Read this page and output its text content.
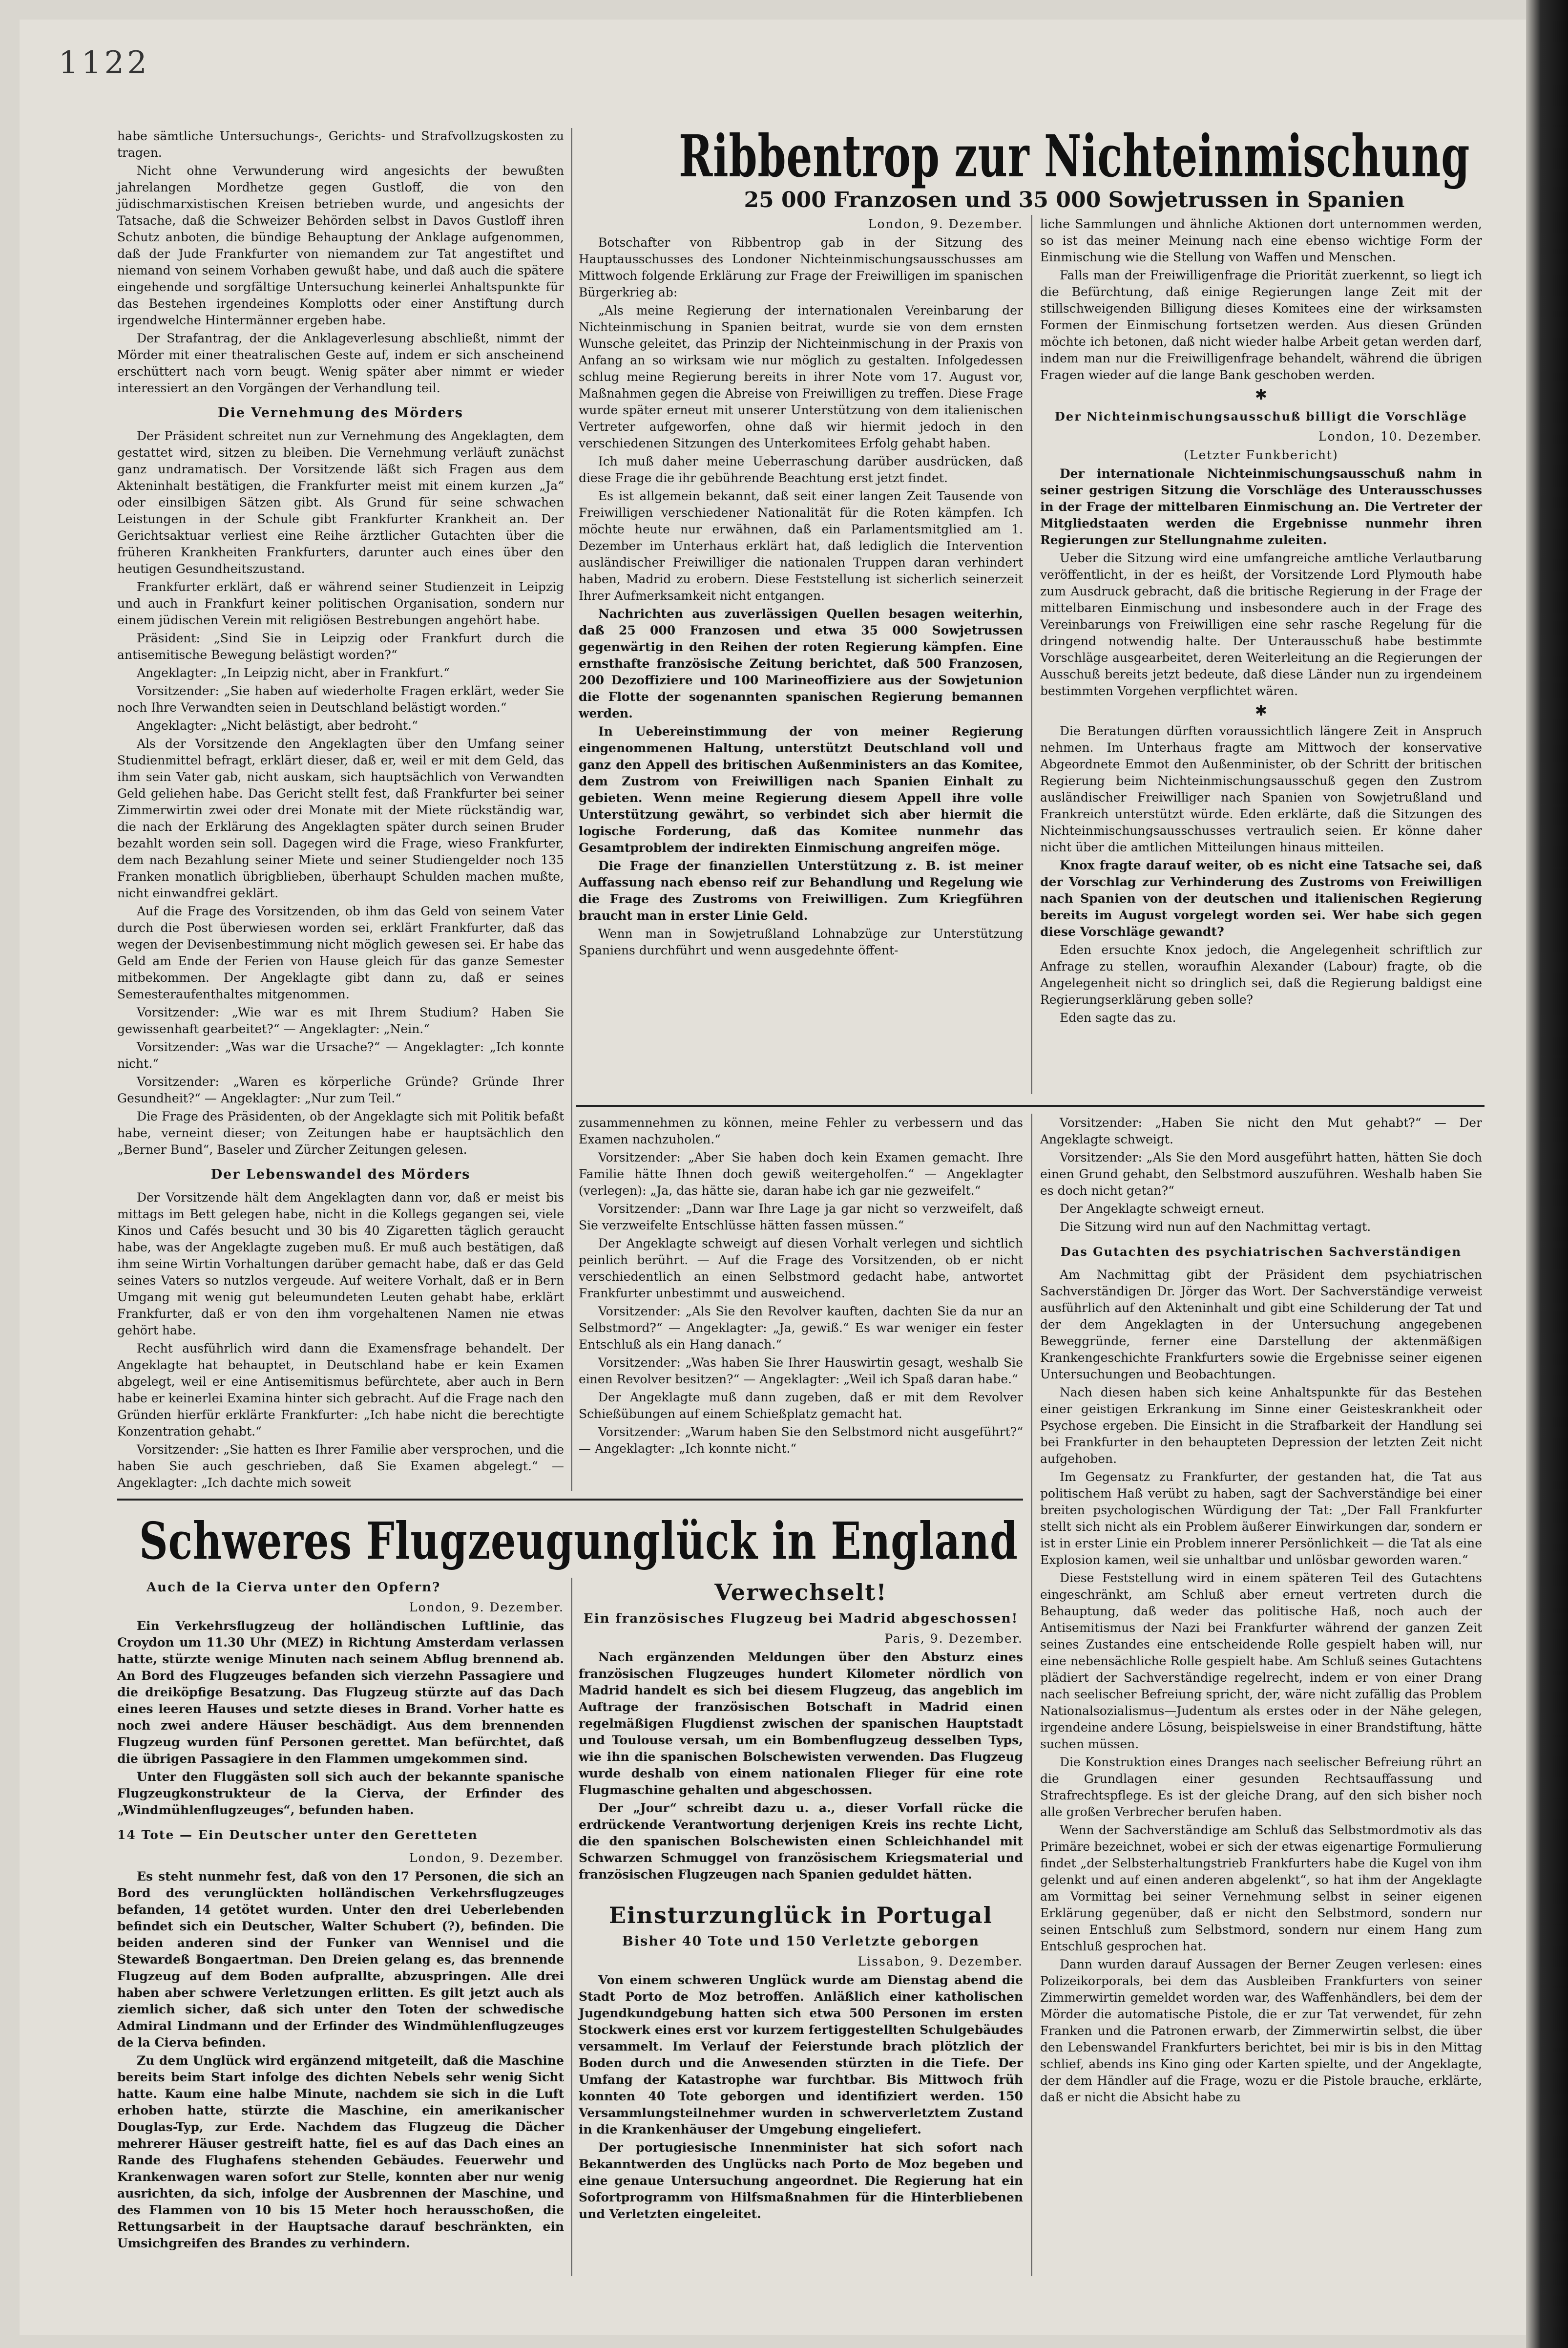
1122

habe sämtliche Untersuchungs-, Gerichts- und Strafvollzugskosten zu tragen.

Nicht ohne Verwunderung wird angesichts der bewußten jahrelangen Mordhetze gegen Gustloff, die von den jüdischmarxistischen Kreisen betrieben wurde, und angesichts der Tatsache, daß die Schweizer Behörden selbst in Davos Gustloff ihren Schutz anboten, die bündige Behauptung der Anklage aufgenommen, daß der Jude Frankfurter von niemandem zur Tat angestiftet und niemand von seinem Vorhaben gewußt habe, und daß auch die spätere eingehende und sorgfältige Untersuchung keinerlei Anhaltspunkte für das Bestehen irgendeines Komplotts oder einer Anstiftung durch irgendwelche Hintermänner ergeben habe.

Der Strafantrag, der die Anklageverlesung abschließt, nimmt der Mörder mit einer theatralischen Geste auf, indem er sich anscheinend erschüttert nach vorn beugt. Wenig später aber nimmt er wieder interessiert an den Vorgängen der Verhandlung teil.

Die Vernehmung des Mörders

Der Präsident schreitet nun zur Vernehmung des Angeklagten, dem gestattet wird, sitzen zu bleiben. Die Vernehmung verläuft zunächst ganz undramatisch. Der Vorsitzende läßt sich Fragen aus dem Akteninhalt bestätigen, die Frankfurter meist mit einem kurzen „Ja“ oder einsilbigen Sätzen gibt. Als Grund für seine schwachen Leistungen in der Schule gibt Frankfurter Krankheit an. Der Gerichtsaktuar verliest eine Reihe ärztlicher Gutachten über die früheren Krankheiten Frankfurters, darunter auch eines über den heutigen Gesundheitszustand.

Frankfurter erklärt, daß er während seiner Studienzeit in Leipzig und auch in Frankfurt keiner politischen Organisation, sondern nur einem jüdischen Verein mit religiösen Bestrebungen angehört habe.

Präsident: „Sind Sie in Leipzig oder Frankfurt durch die antisemitische Bewegung belästigt worden?“

Angeklagter: „In Leipzig nicht, aber in Frankfurt.“

Vorsitzender: „Sie haben auf wiederholte Fragen erklärt, weder Sie noch Ihre Verwandten seien in Deutschland belästigt worden.“

Angeklagter: „Nicht belästigt, aber bedroht.“

Als der Vorsitzende den Angeklagten über den Umfang seiner Studienmittel befragt, erklärt dieser, daß er, weil er mit dem Geld, das ihm sein Vater gab, nicht auskam, sich hauptsächlich von Verwandten Geld geliehen habe. Das Gericht stellt fest, daß Frankfurter bei seiner Zimmerwirtin zwei oder drei Monate mit der Miete rückständig war, die nach der Erklärung des Angeklagten später durch seinen Bruder bezahlt worden sein soll. Dagegen wird die Frage, wieso Frankfurter, dem nach Bezahlung seiner Miete und seiner Studiengelder noch 135 Franken monatlich übrigblieben, überhaupt Schulden machen mußte, nicht einwandfrei geklärt.

Auf die Frage des Vorsitzenden, ob ihm das Geld von seinem Vater durch die Post überwiesen worden sei, erklärt Frankfurter, daß das wegen der Devisenbestimmung nicht möglich gewesen sei. Er habe das Geld am Ende der Ferien von Hause gleich für das ganze Semester mitbekommen. Der Angeklagte gibt dann zu, daß er seines Semesteraufenthaltes mitgenommen.

Vorsitzender: „Wie war es mit Ihrem Studium? Haben Sie gewissenhaft gearbeitet?“ — Angeklagter: „Nein.“

Vorsitzender: „Was war die Ursache?“ — Angeklagter: „Ich konnte nicht.“

Vorsitzender: „Waren es körperliche Gründe? Gründe Ihrer Gesundheit?“ — Angeklagter: „Nur zum Teil.“

Die Frage des Präsidenten, ob der Angeklagte sich mit Politik befaßt habe, verneint dieser; von Zeitungen habe er hauptsächlich den „Berner Bund“, Baseler und Zürcher Zeitungen gelesen.

Der Lebenswandel des Mörders

Der Vorsitzende hält dem Angeklagten dann vor, daß er meist bis mittags im Bett gelegen habe, nicht in die Kollegs gegangen sei, viele Kinos und Cafés besucht und 30 bis 40 Zigaretten täglich geraucht habe, was der Angeklagte zugeben muß. Er muß auch bestätigen, daß ihm seine Wirtin Vorhaltungen darüber gemacht habe, daß er das Geld seines Vaters so nutzlos vergeude. Auf weitere Vorhalt, daß er in Bern Umgang mit wenig gut beleumundeten Leuten gehabt habe, erklärt Frankfurter, daß er von den ihm vorgehaltenen Namen nie etwas gehört habe.

Recht ausführlich wird dann die Examensfrage behandelt. Der Angeklagte hat behauptet, in Deutschland habe er kein Examen abgelegt, weil er eine Antisemitismus befürchtete, aber auch in Bern habe er keinerlei Examina hinter sich gebracht. Auf die Frage nach den Gründen hierfür erklärte Frankfurter: „Ich habe nicht die berechtigte Konzentration gehabt.“

Vorsitzender: „Sie hatten es Ihrer Familie aber versprochen, und die haben Sie auch geschrieben, daß Sie Examen abgelegt.“ — Angeklagter: „Ich dachte mich soweit

Ribbentrop zur Nichteinmischung
25 000 Franzosen und 35 000 Sowjetrussen in Spanien
London, 9. Dezember.

Botschafter von Ribbentrop gab in der Sitzung des Hauptausschusses des Londoner Nichteinmischungsausschusses am Mittwoch folgende Erklärung zur Frage der Freiwilligen im spanischen Bürgerkrieg ab:

„Als meine Regierung der internationalen Vereinbarung der Nichteinmischung in Spanien beitrat, wurde sie von dem ernsten Wunsche geleitet, das Prinzip der Nichteinmischung in der Praxis von Anfang an so wirksam wie nur möglich zu gestalten. Infolgedessen schlug meine Regierung bereits in ihrer Note vom 17. August vor, Maßnahmen gegen die Abreise von Freiwilligen zu treffen. Diese Frage wurde später erneut mit unserer Unterstützung von dem italienischen Vertreter aufgeworfen, ohne daß wir hiermit jedoch in den verschiedenen Sitzungen des Unterkomitees Erfolg gehabt haben.

Ich muß daher meine Ueberraschung darüber ausdrücken, daß diese Frage die ihr gebührende Beachtung erst jetzt findet.

Es ist allgemein bekannt, daß seit einer langen Zeit Tausende von Freiwilligen verschiedener Nationalität für die Roten kämpfen. Ich möchte heute nur erwähnen, daß ein Parlamentsmitglied am 1. Dezember im Unterhaus erklärt hat, daß lediglich die Intervention ausländischer Freiwilliger die nationalen Truppen daran verhindert haben, Madrid zu erobern. Diese Feststellung ist sicherlich seinerzeit Ihrer Aufmerksamkeit nicht entgangen.

Nachrichten aus zuverlässigen Quellen besagen weiterhin, daß 25 000 Franzosen und etwa 35 000 Sowjetrussen gegenwärtig in den Reihen der roten Regierung kämpfen. Eine ernsthafte französische Zeitung berichtet, daß 500 Franzosen, 200 Dezoffiziere und 100 Marineoffiziere aus der Sowjetunion die Flotte der sogenannten spanischen Regierung bemannen werden.

In Uebereinstimmung der von meiner Regierung eingenommenen Haltung, unterstützt Deutschland voll und ganz den Appell des britischen Außenministers an das Komitee, dem Zustrom von Freiwilligen nach Spanien Einhalt zu gebieten. Wenn meine Regierung diesem Appell ihre volle Unterstützung gewährt, so verbindet sich aber hiermit die logische Forderung, daß das Komitee nunmehr das Gesamtproblem der indirekten Einmischung angreifen möge.

Die Frage der finanziellen Unterstützung z. B. ist meiner Auffassung nach ebenso reif zur Behandlung und Regelung wie die Frage des Zustroms von Freiwilligen. Zum Kriegführen braucht man in erster Linie Geld.

Wenn man in Sowjetrußland Lohnabzüge zur Unterstützung Spaniens durchführt und wenn ausgedehnte öffent-

liche Sammlungen und ähnliche Aktionen dort unternommen werden, so ist das meiner Meinung nach eine ebenso wichtige Form der Einmischung wie die Stellung von Waffen und Menschen.

Falls man der Freiwilligenfrage die Priorität zuerkennt, so liegt ich die Befürchtung, daß einige Regierungen lange Zeit mit der stillschweigenden Billigung dieses Komitees eine der wirksamsten Formen der Einmischung fortsetzen werden. Aus diesen Gründen möchte ich betonen, daß nicht wieder halbe Arbeit getan werden darf, indem man nur die Freiwilligenfrage behandelt, während die übrigen Fragen wieder auf die lange Bank geschoben werden.

✱
Der Nichteinmischungsausschuß billigt die Vorschläge
London, 10. Dezember.
(Letzter Funkbericht)

Der internationale Nichteinmischungsausschuß nahm in seiner gestrigen Sitzung die Vorschläge des Unterausschusses in der Frage der mittelbaren Einmischung an. Die Vertreter der Mitgliedstaaten werden die Ergebnisse nunmehr ihren Regierungen zur Stellungnahme zuleiten.

Ueber die Sitzung wird eine umfangreiche amtliche Verlautbarung veröffentlicht, in der es heißt, der Vorsitzende Lord Plymouth habe zum Ausdruck gebracht, daß die britische Regierung in der Frage der mittelbaren Einmischung und insbesondere auch in der Frage des Vereinbarungs von Freiwilligen eine sehr rasche Regelung für die dringend notwendig halte. Der Unterausschuß habe bestimmte Vorschläge ausgearbeitet, deren Weiterleitung an die Regierungen der Ausschuß bereits jetzt bedeute, daß diese Länder nun zu irgendeinem bestimmten Vorgehen verpflichtet wären.

✱

Die Beratungen dürften voraussichtlich längere Zeit in Anspruch nehmen. Im Unterhaus fragte am Mittwoch der konservative Abgeordnete Emmot den Außenminister, ob der Schritt der britischen Regierung beim Nichteinmischungsausschuß gegen den Zustrom ausländischer Freiwilliger nach Spanien von Sowjetrußland und Frankreich unterstützt würde. Eden erklärte, daß die Sitzungen des Nichteinmischungsausschusses vertraulich seien. Er könne daher nicht über die amtlichen Mitteilungen hinaus mitteilen.

Knox fragte darauf weiter, ob es nicht eine Tatsache sei, daß der Vorschlag zur Verhinderung des Zustroms von Freiwilligen nach Spanien von der deutschen und italienischen Regierung bereits im August vorgelegt worden sei. Wer habe sich gegen diese Vorschläge gewandt?

Eden ersuchte Knox jedoch, die Angelegenheit schriftlich zur Anfrage zu stellen, woraufhin Alexander (Labour) fragte, ob die Angelegenheit nicht so dringlich sei, daß die Regierung baldigst eine Regierungserklärung geben solle?

Eden sagte das zu.

zusammennehmen zu können, meine Fehler zu verbessern und das Examen nachzuholen.“

Vorsitzender: „Aber Sie haben doch kein Examen gemacht. Ihre Familie hätte Ihnen doch gewiß weitergeholfen.“ — Angeklagter (verlegen): „Ja, das hätte sie, daran habe ich gar nie gezweifelt.“

Vorsitzender: „Dann war Ihre Lage ja gar nicht so verzweifelt, daß Sie verzweifelte Entschlüsse hätten fassen müssen.“

Der Angeklagte schweigt auf diesen Vorhalt verlegen und sichtlich peinlich berührt. — Auf die Frage des Vorsitzenden, ob er nicht verschiedentlich an einen Selbstmord gedacht habe, antwortet Frankfurter unbestimmt und ausweichend.

Vorsitzender: „Als Sie den Revolver kauften, dachten Sie da nur an Selbstmord?“ — Angeklagter: „Ja, gewiß.“ Es war weniger ein fester Entschluß als ein Hang danach.“

Vorsitzender: „Was haben Sie Ihrer Hauswirtin gesagt, weshalb Sie einen Revolver besitzen?“ — Angeklagter: „Weil ich Spaß daran habe.“

Der Angeklagte muß dann zugeben, daß er mit dem Revolver Schießübungen auf einem Schießplatz gemacht hat.

Vorsitzender: „Warum haben Sie den Selbstmord nicht ausgeführt?“ — Angeklagter: „Ich konnte nicht.“

Vorsitzender: „Haben Sie nicht den Mut gehabt?“ — Der Angeklagte schweigt.

Vorsitzender: „Als Sie den Mord ausgeführt hatten, hätten Sie doch einen Grund gehabt, den Selbstmord auszuführen. Weshalb haben Sie es doch nicht getan?“

Der Angeklagte schweigt erneut.

Die Sitzung wird nun auf den Nachmittag vertagt.

Das Gutachten des psychiatrischen Sachverständigen

Am Nachmittag gibt der Präsident dem psychiatrischen Sachverständigen Dr. Jörger das Wort. Der Sachverständige verweist ausführlich auf den Akteninhalt und gibt eine Schilderung der Tat und der dem Angeklagten in der Untersuchung angegebenen Beweggründe, ferner eine Darstellung der aktenmäßigen Krankengeschichte Frankfurters sowie die Ergebnisse seiner eigenen Untersuchungen und Beobachtungen.

Nach diesen haben sich keine Anhaltspunkte für das Bestehen einer geistigen Erkrankung im Sinne einer Geisteskrankheit oder Psychose ergeben. Die Einsicht in die Strafbarkeit der Handlung sei bei Frankfurter in den behaupteten Depression der letzten Zeit nicht aufgehoben.

Im Gegensatz zu Frankfurter, der gestanden hat, die Tat aus politischem Haß verübt zu haben, sagt der Sachverständige bei einer breiten psychologischen Würdigung der Tat: „Der Fall Frankfurter stellt sich nicht als ein Problem äußerer Einwirkungen dar, sondern er ist in erster Linie ein Problem innerer Persönlichkeit — die Tat als eine Explosion kamen, weil sie unhaltbar und unlösbar geworden waren.“

Diese Feststellung wird in einem späteren Teil des Gutachtens eingeschränkt, am Schluß aber erneut vertreten durch die Behauptung, daß weder das politische Haß, noch auch der Antisemitismus der Nazi bei Frankfurter während der ganzen Zeit seines Zustandes eine entscheidende Rolle gespielt haben will, nur eine nebensächliche Rolle gespielt habe. Am Schluß seines Gutachtens plädiert der Sachverständige regelrecht, indem er von einer Drang nach seelischer Befreiung spricht, der, wäre nicht zufällig das Problem Nationalsozialismus—Judentum als erstes oder in der Nähe gelegen, irgendeine andere Lösung, beispielsweise in einer Brandstiftung, hätte suchen müssen.

Die Konstruktion eines Dranges nach seelischer Befreiung rührt an die Grundlagen einer gesunden Rechtsauffassung und Strafrechtspflege. Es ist der gleiche Drang, auf den sich bisher noch alle großen Verbrecher berufen haben.

Wenn der Sachverständige am Schluß das Selbstmordmotiv als das Primäre bezeichnet, wobei er sich der etwas eigenartige Formulierung findet „der Selbsterhaltungstrieb Frankfurters habe die Kugel von ihm gelenkt und auf einen anderen abgelenkt“, so hat ihm der Angeklagte am Vormittag bei seiner Vernehmung selbst in seiner eigenen Erklärung gegenüber, daß er nicht den Selbstmord, sondern nur seinen Entschluß zum Selbstmord, sondern nur einem Hang zum Entschluß gesprochen hat.

Dann wurden darauf Aussagen der Berner Zeugen verlesen: eines Polizeikorporals, bei dem das Ausbleiben Frankfurters von seiner Zimmerwirtin gemeldet worden war, des Waffenhändlers, bei dem der Mörder die automatische Pistole, die er zur Tat verwendet, für zehn Franken und die Patronen erwarb, der Zimmerwirtin selbst, die über den Lebenswandel Frankfurters berichtet, bei mir is bis in den Mittag schlief, abends ins Kino ging oder Karten spielte, und der Angeklagte, der dem Händler auf die Frage, wozu er die Pistole brauche, erklärte, daß er nicht die Absicht habe zu

Schweres Flugzeugunglück in England
Auch de la Cierva unter den Opfern?
London, 9. Dezember.

Ein Verkehrsflugzeug der holländischen Luftlinie, das Croydon um 11.30 Uhr (MEZ) in Richtung Amsterdam verlassen hatte, stürzte wenige Minuten nach seinem Abflug brennend ab. An Bord des Flugzeuges befanden sich vierzehn Passagiere und die dreiköpfige Besatzung. Das Flugzeug stürzte auf das Dach eines leeren Hauses und setzte dieses in Brand. Vorher hatte es noch zwei andere Häuser beschädigt. Aus dem brennenden Flugzeug wurden fünf Personen gerettet. Man befürchtet, daß die übrigen Passagiere in den Flammen umgekommen sind.

Unter den Fluggästen soll sich auch der bekannte spanische Flugzeugkonstrukteur de la Cierva, der Erfinder des „Windmühlenflugzeuges“, befunden haben.

14 Tote — Ein Deutscher unter den Geretteten
London, 9. Dezember.

Es steht nunmehr fest, daß von den 17 Personen, die sich an Bord des verunglückten holländischen Verkehrsflugzeuges befanden, 14 getötet wurden. Unter den drei Ueberlebenden befindet sich ein Deutscher, Walter Schubert (?), befinden. Die beiden anderen sind der Funker van Wennisel und die Stewardeß Bongaertman. Den Dreien gelang es, das brennende Flugzeug auf dem Boden aufprallte, abzuspringen. Alle drei haben aber schwere Verletzungen erlitten. Es gilt jetzt auch als ziemlich sicher, daß sich unter den Toten der schwedische Admiral Lindmann und der Erfinder des Windmühlenflugzeuges de la Cierva befinden.

Zu dem Unglück wird ergänzend mitgeteilt, daß die Maschine bereits beim Start infolge des dichten Nebels sehr wenig Sicht hatte. Kaum eine halbe Minute, nachdem sie sich in die Luft erhoben hatte, stürzte die Maschine, ein amerikanischer Douglas-Typ, zur Erde. Nachdem das Flugzeug die Dächer mehrerer Häuser gestreift hatte, fiel es auf das Dach eines an Rande des Flughafens stehenden Gebäudes. Feuerwehr und Krankenwagen waren sofort zur Stelle, konnten aber nur wenig ausrichten, da sich, infolge der Ausbrennen der Maschine, und des Flammen von 10 bis 15 Meter hoch herausschoßen, die Rettungsarbeit in der Hauptsache darauf beschränkten, ein Umsichgreifen des Brandes zu verhindern.

Verwechselt!
Ein französisches Flugzeug bei Madrid abgeschossen!
Paris, 9. Dezember.

Nach ergänzenden Meldungen über den Absturz eines französischen Flugzeuges hundert Kilometer nördlich von Madrid handelt es sich bei diesem Flugzeug, das angeblich im Auftrage der französischen Botschaft in Madrid einen regelmäßigen Flugdienst zwischen der spanischen Hauptstadt und Toulouse versah, um ein Bombenflugzeug desselben Typs, wie ihn die spanischen Bolschewisten verwenden. Das Flugzeug wurde deshalb von einem nationalen Flieger für eine rote Flugmaschine gehalten und abgeschossen.

Der „Jour“ schreibt dazu u. a., dieser Vorfall rücke die erdrückende Verantwortung derjenigen Kreis ins rechte Licht, die den spanischen Bolschewisten einen Schleichhandel mit Schwarzen Schmuggel von französischem Kriegsmaterial und französischen Flugzeugen nach Spanien geduldet hätten.

Einsturzunglück in Portugal
Bisher 40 Tote und 150 Verletzte geborgen
Lissabon, 9. Dezember.

Von einem schweren Unglück wurde am Dienstag abend die Stadt Porto de Moz betroffen. Anläßlich einer katholischen Jugendkundgebung hatten sich etwa 500 Personen im ersten Stockwerk eines erst vor kurzem fertiggestellten Schulgebäudes versammelt. Im Verlauf der Feierstunde brach plötzlich der Boden durch und die Anwesenden stürzten in die Tiefe. Der Umfang der Katastrophe war furchtbar. Bis Mittwoch früh konnten 40 Tote geborgen und identifiziert werden. 150 Versammlungsteilnehmer wurden in schwerverletztem Zustand in die Krankenhäuser der Umgebung eingeliefert.

Der portugiesische Innenminister hat sich sofort nach Bekanntwerden des Unglücks nach Porto de Moz begeben und eine genaue Untersuchung angeordnet. Die Regierung hat ein Sofortprogramm von Hilfsmaßnahmen für die Hinterbliebenen und Verletzten eingeleitet.
